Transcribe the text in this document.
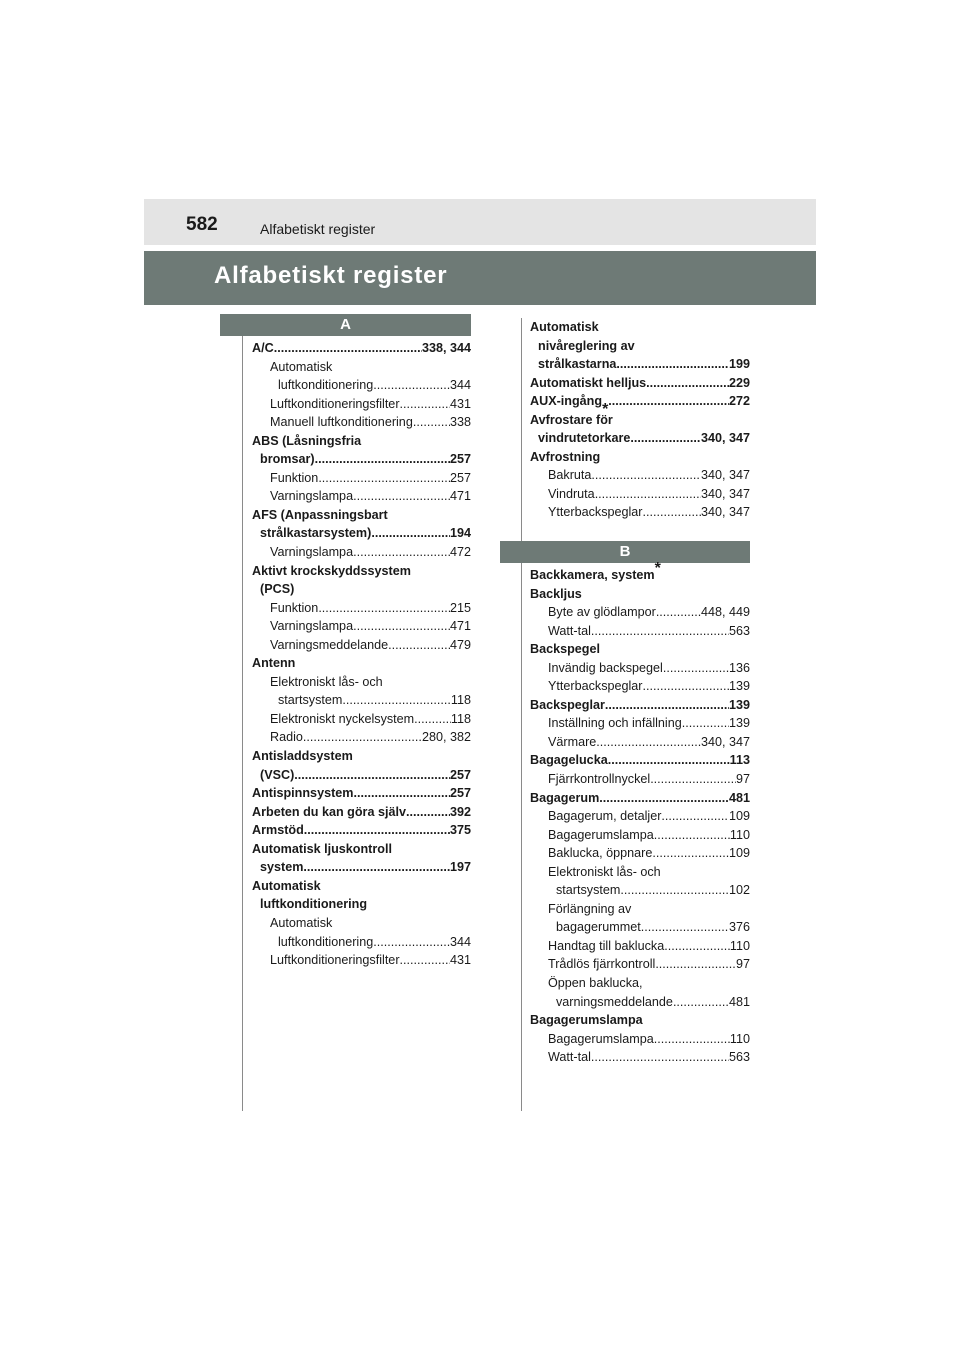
582	Alfabetiskt register
Alfabetiskt register
A
A/C .....	338, 344
Automatisk
luftkonditionering .....	344
Luftkonditioneringsfilter .....	431
Manuell luftkonditionering .....	338
ABS (Låsningsfria
bromsar) .....	257
Funktion .....	257
Varningslampa .....	471
AFS (Anpassningsbart
strålkastarsystem) .....	194
Varningslampa .....	472
Aktivt krockskyddssystem
(PCS)
Funktion .....	215
Varningslampa .....	471
Varningsmeddelande .....	479
Antenn
Elektroniskt lås- och
startsystem .....	118
Elektroniskt nyckelsystem .....	118
Radio .....	280, 382
Antisladdsystem
(VSC) .....	257
Antispinnsystem .....	257
Arbeten du kan göra själv .....	392
Armstöd .....	375
Automatisk ljuskontroll
system .....	197
Automatisk
luftkonditionering
Automatisk
luftkonditionering .....	344
Luftkonditioneringsfilter .....	431
Automatisk
nivåreglering av
strålkastarna .....	199
Automatiskt helljus .....	229
AUX-ingång* .....	272
Avfrostare för
vindrutetorkare .....	340, 347
Avfrostning
Bakruta .....	340, 347
Vindruta .....	340, 347
Ytterbackspeglar .....	340, 347
B
Backkamera, system*
Backljus
Byte av glödlampor .....	448, 449
Watt-tal .....	563
Backspegel
Invändig backspegel .....	136
Ytterbackspeglar .....	139
Backspeglar .....	139
Inställning och infällning .....	139
Värmare .....	340, 347
Bagagelucka .....	113
Fjärrkontrollnyckel .....	97
Bagagerum .....	481
Bagagerum, detaljer .....	109
Bagagerumslampa .....	110
Baklucka, öppnare .....	109
Elektroniskt lås- och
startsystem .....	102
Förlängning av
bagagerummet .....	376
Handtag till baklucka .....	110
Trådlös fjärrkontroll .....	97
Öppen baklucka,
varningsmeddelande .....	481
Bagagerumslampa
Bagagerumslampa .....	110
Watt-tal .....	563
